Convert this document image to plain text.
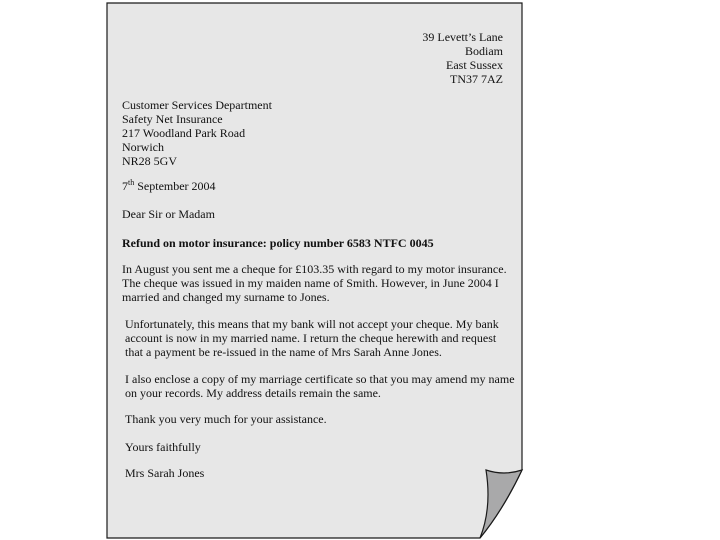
39 Levett’s Lane
Bodiam
East Sussex
TN37 7AZ
Customer Services Department
Safety Net Insurance
217 Woodland Park Road
Norwich
NR28 5GV
7th September 2004
Dear Sir or Madam
Refund on motor insurance: policy number 6583 NTFC 0045
In August you sent me a cheque for £103.35 with regard to my motor insurance.
The cheque was issued in my maiden name of Smith. However, in June 2004 I
married and changed my surname to Jones.
Unfortunately, this means that my bank will not accept your cheque. My bank
account is now in my married name. I return the cheque herewith and request
that a payment be re-issued in the name of Mrs Sarah Anne Jones.
I also enclose a copy of my marriage certificate so that you may amend my name
on your records. My address details remain the same.
Thank you very much for your assistance.
Yours faithfully
Mrs Sarah Jones
